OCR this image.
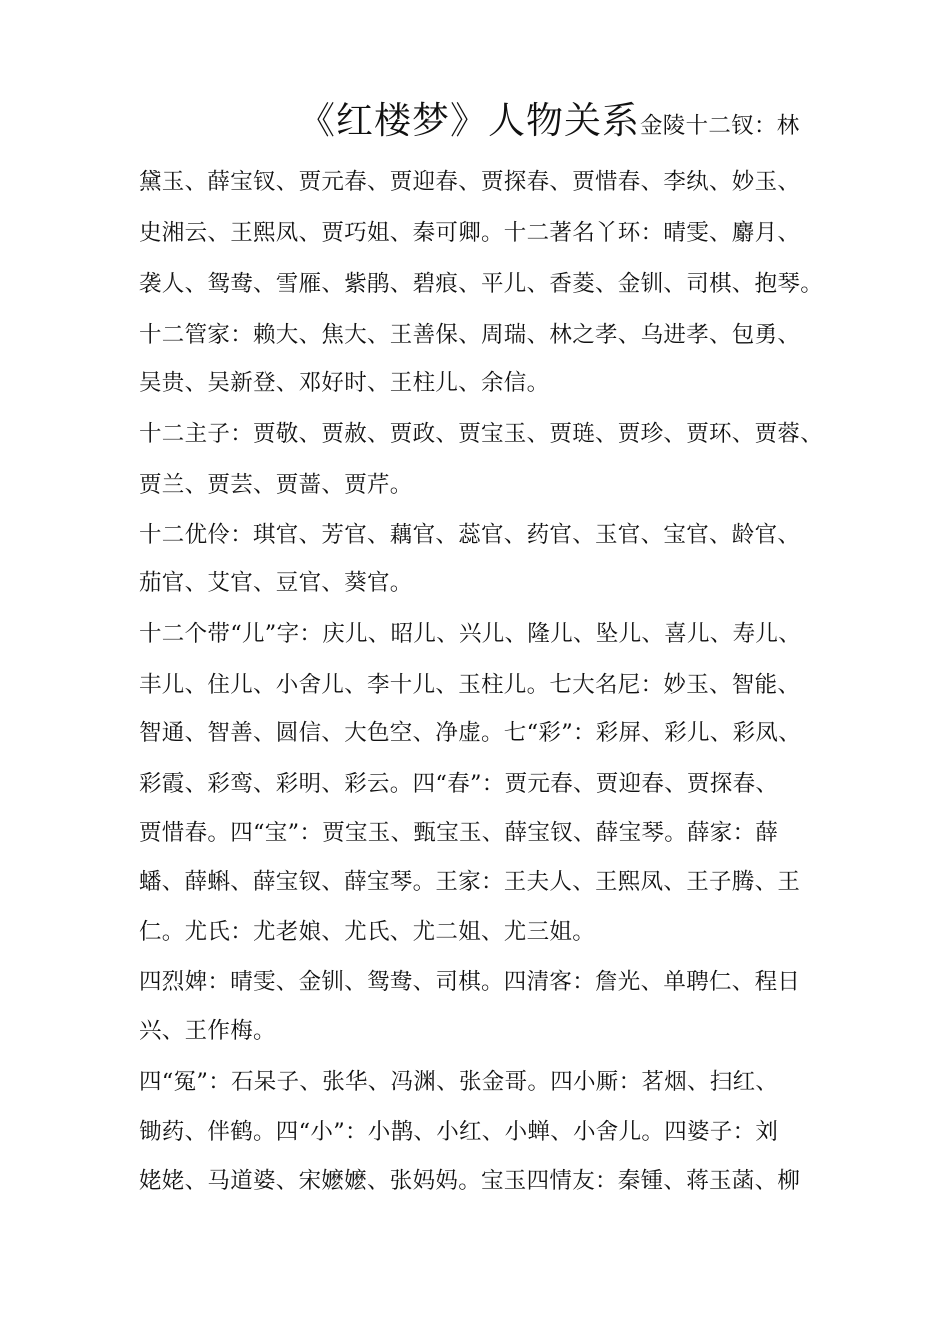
《红楼梦》人物关系金陵十二钗：林
黛玉、薛宝钗、贾元春、贾迎春、贾探春、贾惜春、李纨、妙玉、
史湘云、王熙凤、贾巧姐、秦可卿。十二著名丫环：晴雯、麝月、
袭人、鸳鸯、雪雁、紫鹃、碧痕、平儿、香菱、金钏、司棋、抱琴。
十二管家：赖大、焦大、王善保、周瑞、林之孝、乌进孝、包勇、
吴贵、吴新登、邓好时、王柱儿、余信。
十二主子：贾敬、贾赦、贾政、贾宝玉、贾琏、贾珍、贾环、贾蓉、
贾兰、贾芸、贾蔷、贾芹。
十二优伶：琪官、芳官、藕官、蕊官、药官、玉官、宝官、龄官、
茄官、艾官、豆官、葵官。
十二个带“儿”字：庆儿、昭儿、兴儿、隆儿、坠儿、喜儿、寿儿、
丰儿、住儿、小舍儿、李十儿、玉柱儿。七大名尼：妙玉、智能、
智通、智善、圆信、大色空、净虚。七“彩”：彩屏、彩儿、彩凤、
彩霞、彩鸾、彩明、彩云。四“春”：贾元春、贾迎春、贾探春、
贾惜春。四“宝”：贾宝玉、甄宝玉、薛宝钗、薛宝琴。薛家：薛
蟠、薛蝌、薛宝钗、薛宝琴。王家：王夫人、王熙凤、王子腾、王
仁。尤氏：尤老娘、尤氏、尤二姐、尤三姐。
四烈婢：晴雯、金钏、鸳鸯、司棋。四清客：詹光、单聘仁、程日
兴、王作梅。
四“冤”：石呆子、张华、冯渊、张金哥。四小厮：茗烟、扫红、
锄药、伴鹤。四“小”：小鹊、小红、小蝉、小舍儿。四婆子：刘
姥姥、马道婆、宋嬷嬷、张妈妈。宝玉四情友：秦锺、蒋玉菡、柳
